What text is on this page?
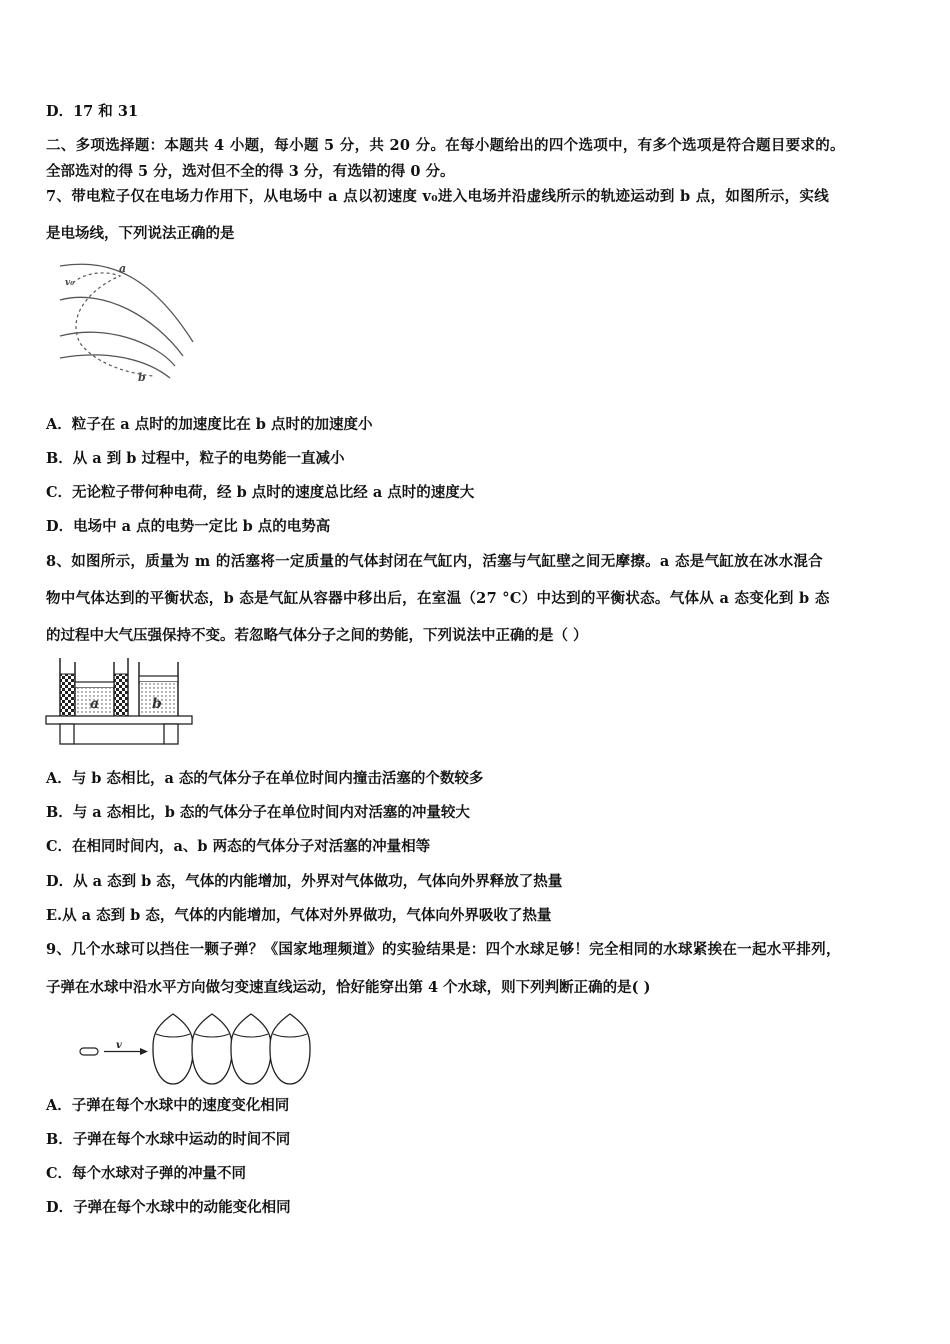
D．17 和 31
二、多项选择题：本题共 4 小题，每小题 5 分，共 20 分。在每小题给出的四个选项中，有多个选项是符合题目要求的。
全部选对的得 5 分，选对但不全的得 3 分，有选错的得 0 分。
7、带电粒子仅在电场力作用下，从电场中 a 点以初速度 v₀进入电场并沿虚线所示的轨迹运动到 b 点，如图所示，实线
是电场线，下列说法正确的是
a
v₀
b
A．粒子在 a 点时的加速度比在 b 点时的加速度小
B．从 a 到 b 过程中，粒子的电势能一直减小
C．无论粒子带何种电荷，经 b 点时的速度总比经 a 点时的速度大
D．电场中 a 点的电势一定比 b 点的电势高
8、如图所示，质量为 m 的活塞将一定质量的气体封闭在气缸内，活塞与气缸壁之间无摩擦。a 态是气缸放在冰水混合
物中气体达到的平衡状态，b 态是气缸从容器中移出后，在室温（27 °C）中达到的平衡状态。气体从 a 态变化到 b 态
的过程中大气压强保持不变。若忽略气体分子之间的势能，下列说法中正确的是（ ）
a	b
A．与 b 态相比，a 态的气体分子在单位时间内撞击活塞的个数较多
B．与 a 态相比，b 态的气体分子在单位时间内对活塞的冲量较大
C．在相同时间内，a、b 两态的气体分子对活塞的冲量相等
D．从 a 态到 b 态，气体的内能增加，外界对气体做功，气体向外界释放了热量
E.从 a 态到 b 态，气体的内能增加，气体对外界做功，气体向外界吸收了热量
9、几个水球可以挡住一颗子弹？《国家地理频道》的实验结果是：四个水球足够！完全相同的水球紧挨在一起水平排列，
子弹在水球中沿水平方向做匀变速直线运动，恰好能穿出第 4 个水球，则下列判断正确的是( )
v
A．子弹在每个水球中的速度变化相同
B．子弹在每个水球中运动的时间不同
C．每个水球对子弹的冲量不同
D．子弹在每个水球中的动能变化相同
